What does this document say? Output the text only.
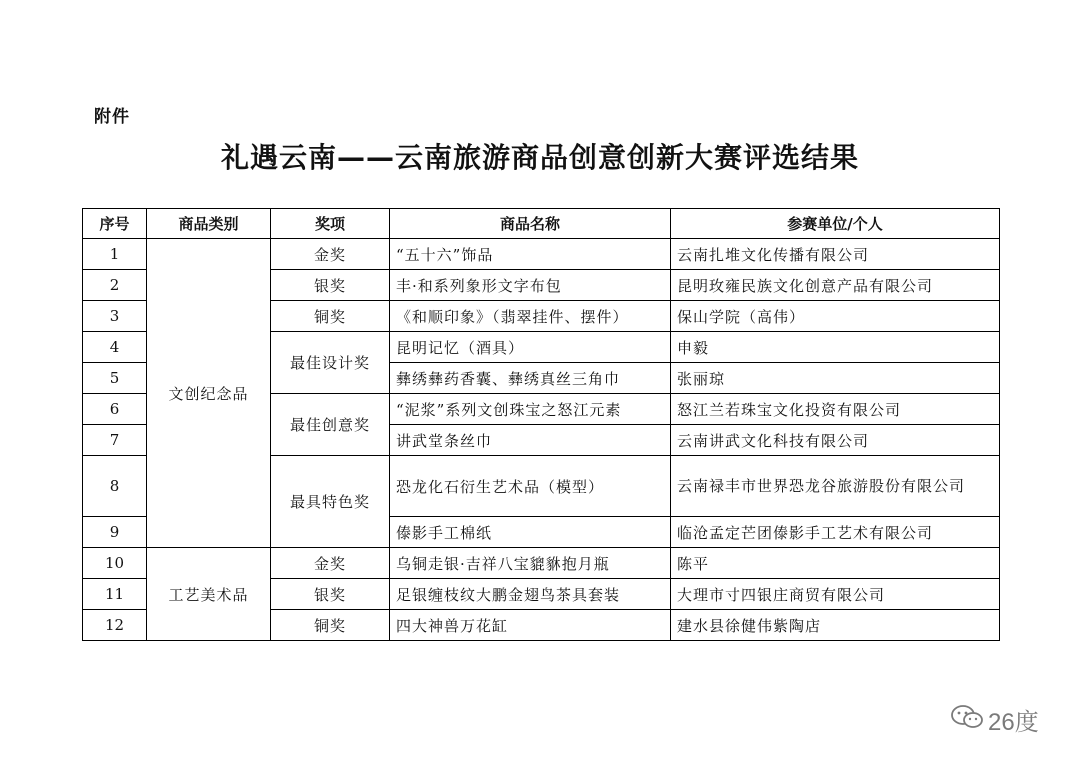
附件
礼遇云南——云南旅游商品创意创新大赛评选结果
序号	商品类别	奖项	商品名称	参赛单位/个人
1	文创纪念品	金奖	“五十六”饰品	云南扎堆文化传播有限公司
2		银奖	丰·和系列象形文字布包	昆明玫雍民族文化创意产品有限公司
3		铜奖	《和顺印象》（翡翠挂件、摆件）	保山学院（高伟）
4		最佳设计奖	昆明记忆（酒具）	申毅
5			彝绣彝药香囊、彝绣真丝三角巾	张丽琼
6		最佳创意奖	“泥浆”系列文创珠宝之怒江元素	怒江兰若珠宝文化投资有限公司
7			讲武堂条丝巾	云南讲武文化科技有限公司
8		最具特色奖	恐龙化石衍生艺术品（模型）	云南禄丰市世界恐龙谷旅游股份有限公司
9			傣影手工棉纸	临沧孟定芒团傣影手工艺术有限公司
10	工艺美术品	金奖	乌铜走银·吉祥八宝貔貅抱月瓶	陈平
11		银奖	足银缠枝纹大鹏金翅鸟茶具套装	大理市寸四银庄商贸有限公司
12		铜奖	四大神兽万花缸	建水县徐健伟紫陶店
26度
